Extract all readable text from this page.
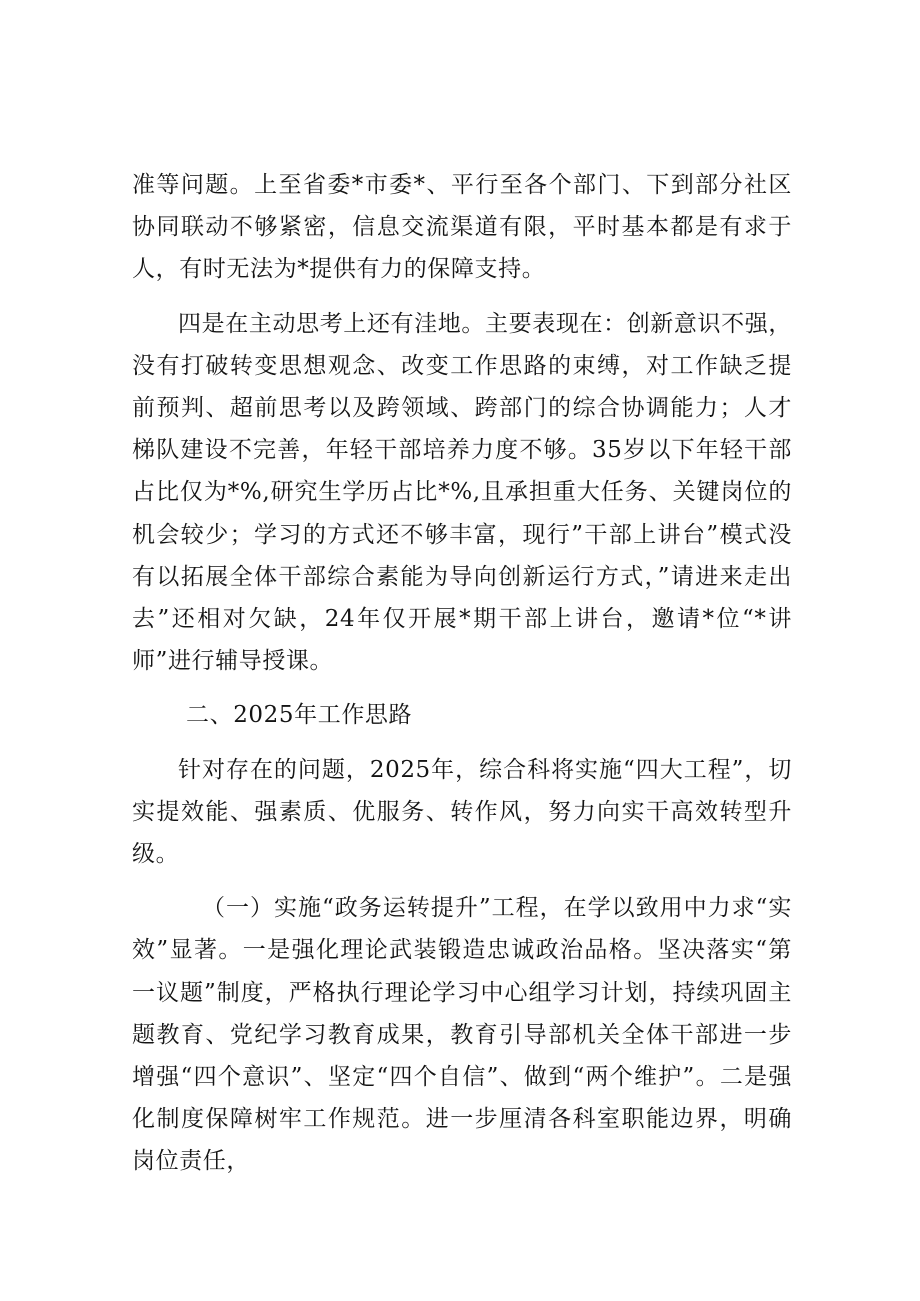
准等问题。上至省委*市委*、平行至各个部门、下到部分社区协同联动不够紧密，信息交流渠道有限，平时基本都是有求于人，有时无法为*提供有力的保障支持。

四是在主动思考上还有洼地。主要表现在：创新意识不强，没有打破转变思想观念、改变工作思路的束缚，对工作缺乏提前预判、超前思考以及跨领域、跨部门的综合协调能力；人才梯队建设不完善，年轻干部培养力度不够。35岁以下年轻干部占比仅为*%,研究生学历占比*%,且承担重大任务、关键岗位的机会较少；学习的方式还不够丰富，现行”干部上讲台”模式没有以拓展全体干部综合素能为导向创新运行方式，”请进来走出去”还相对欠缺，24年仅开展*期干部上讲台，邀请*位“*讲师”进行辅导授课。

二、2025年工作思路

针对存在的问题，2025年，综合科将实施“四大工程”，切实提效能、强素质、优服务、转作风，努力向实干高效转型升级。

（一）实施“政务运转提升”工程，在学以致用中力求“实效”显著。一是强化理论武装锻造忠诚政治品格。坚决落实“第一议题”制度，严格执行理论学习中心组学习计划，持续巩固主题教育、党纪学习教育成果，教育引导部机关全体干部进一步增强“四个意识”、坚定“四个自信”、做到“两个维护”。二是强化制度保障树牢工作规范。进一步厘清各科室职能边界，明确岗位责任，
